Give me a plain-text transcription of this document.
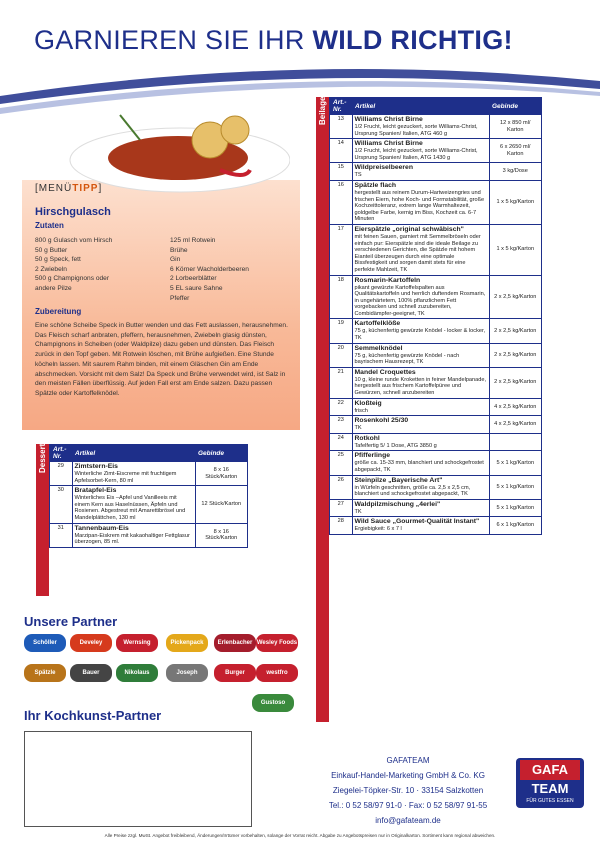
GARNIEREN SIE IHR WILD RICHTIG!
[MENÜTIPP]
Hirschgulasch
Zutaten
800 g Gulasch vom Hirsch
50 g Butter
50 g Speck, fett
2 Zwiebeln
500 g Champignons oder
andere Pilze
125 ml Rotwein
Brühe
Gin
6 Körner Wacholderbeeren
2 Lorbeerblätter
5 EL saure Sahne
Pfeffer
Zubereitung
Eine schöne Scheibe Speck in Butter wenden und das Fett auslassen, herausnehmen. Das Fleisch scharf anbraten, pfeffern, herausnehmen, Zwiebeln glasig dünsten, Champignons in Scheiben (oder Waldpilze) dazu geben und dünsten. Das Fleisch zurück in den Topf geben. Mit Rotwein löschen, mit Brühe aufgießen. Eine Stunde köcheln lassen. Mit saurem Rahm binden, mit einem Gläschen Gin am Ende abschmecken. Vorsicht mit dem Salz! Da Speck und Brühe verwendet wird, ist Salz in den meisten Fällen überflüssig. Auf jeden Fall erst am Ende salzen. Dazu passen Spätzle oder Kartoffelknödel.
Beilage Art.-Nr.	Artikel	Gebinde
13	Williams Christ Birne
1/2 Frucht, leicht gezuckert, sorte Williams-Christ, Ursprung Spanien/ Italien, ATG 460 g	12 x 850 ml/ Karton
14	Williams Christ Birne
1/2 Frucht, leicht gezuckert, sorte Williams-Christ, Ursprung Spanien/ Italien, ATG 1430 g	6 x 2650 ml/ Karton
15	Wildpreiselbeeren
TS	3 kg/Dose
16	Spätzle flach
hergestellt aus reinem Durum-Hartweizengries und frischen Eiern, hohe Koch- und Formstabilität, große Kochzeittoleranz, extrem lange Warmhaltezeit, goldgelbe Farbe, kernig im Biss, Kochzeit ca. 6-7 Minuten	1 x 5 kg/Karton
17	Eierspätzle „original schwäbisch"
mit feinen Sauen, garniert mit Semmelbröseln oder einfach pur: Eierspätzle sind die ideale Beilage zu verschiedenen Gerichten, die Spätzle mit hohem Eianteil überzeugen durch eine optimale Bissfestigkeit und sorgen damit stets für eine perfekte Mahlzeit, TK	1 x 5 kg/Karton
18	Rosmarin-Kartoffeln
pikant gewürzte Kartoffelspalten aus Qualitätskartoffeln und herrlich duftendem Rosmarin, in ungehärtetem, 100% pflanzlichem Fett vorgebacken und schnell zuzubereiten, Combidämpfer-geeignet, TK	2 x 2,5 kg/Karton
19	Kartoffelklöße
75 g, küchenfertig gewürzte Knödel - locker & locker, TK	2 x 2,5 kg/Karton
20	Semmelknödel
75 g, küchenfertig gewürzte Knödel - nach bayrischem Hausrezept, TK	2 x 2,5 kg/Karton
21	Mandel Croquettes
10 g, kleine runde Kroketten in feiner Mandelpanade, hergestellt aus frischem Kartoffelpüree und Gewürzen, schnell anzubereiten	2 x 2,5 kg/Karton
22	Kloßteig
frisch	4 x 2,5 kg/Karton
23	Rosenkohl 25/30
TK	4 x 2,5 kg/Karton
24	Rotkohl
Tafelfertig 5/ 1 Dose, ATG 3850 g	
25	Pfifferlinge
größe ca. 15-33 mm, blanchiert und schockgefrostet abgepackt, TK	5 x 1 kg/Karton
26	Steinpilze „Bayerische Art"
in Würfeln geschnitten, größe ca. 2,5 x 2,5 cm, blanchiert und schockgefrostet abgepackt, TK	5 x 1 kg/Karton
27	Waldpilzmischung „4erlei"
TK	5 x 1 kg/Karton
28	Wild Sauce „Gourmet-Qualität Instant"
Ergiebigkeit: 6 x 7 l	6 x 1 kg/Karton
Dessert Art.-Nr.	Artikel	Gebinde
29	Zimtstern-Eis
Winterliche Zimt-Eiscreme mit fruchtigem Apfelsorbet-Kern, 80 ml	8 x 16 Stück/Karton
30	Bratapfel-Eis
Winterliches Eis –Apfel und Vanilleeis mit einem Kern aus Haselnüssen, Äpfeln und Rosienen. Abgestreut mit Amarettibrösel und Mandelplättchen, 130 ml	12 Stück/Karton
31	Tannenbaum-Eis
Marzipan-Eiskrem mit kakaohaltiger Fettglasur überzogen, 85 ml.	8 x 16 Stück/Karton
Unsere Partner
Schöller	Develey	Wernsing	Pickenpack	Erlenbacher Wesley Foods
Spätzle	Bauer	Nikolaus	Joseph	Burger	westfro
Gustoso
Ihr Kochkunst-Partner
GAFATEAM
Einkauf-Handel-Marketing GmbH & Co. KG
Ziegelei-Töpker-Str. 10 · 33154 Salzkotten
Tel.: 0 52 58/97 91-0 · Fax: 0 52 58/97 91-55
info@gafateam.de
GAFA
TEAM
FÜR GUTES ESSEN
Alle Preise zzgl. MwSt. Angebot freibleibend, Änderungen/Irrtümer vorbehalten, solange der Vorrat reicht. Abgabe zu Angebotspreisen nur in Originalkarton. Sortiment kann regional abweichen.
